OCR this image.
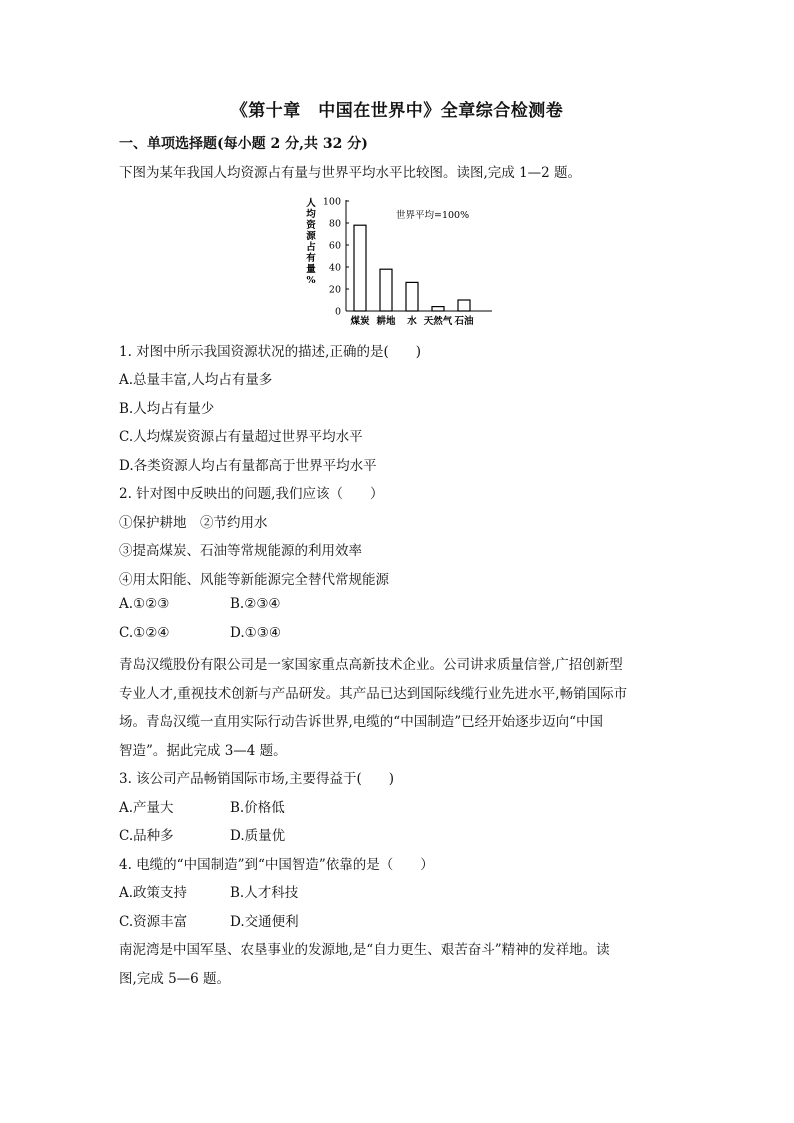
《第十章　中国在世界中》全章综合检测卷
一、单项选择题(每小题 2 分,共 32 分)
下图为某年我国人均资源占有量与世界平均水平比较图。读图,完成 1—2 题。
人
均
资
源
占
有
量
%
世界平均=100%
0
20
40
60
80
100
煤炭 耕地 水 天然气 石油
1. 对图中所示我国资源状况的描述,正确的是(　　)
A.总量丰富,人均占有量多
B.人均占有量少
C.人均煤炭资源占有量超过世界平均水平
D.各类资源人均占有量都高于世界平均水平
2. 针对图中反映出的问题,我们应该（　　）
①保护耕地　②节约用水
③提高煤炭、石油等常规能源的利用效率
④用太阳能、风能等新能源完全替代常规能源
A.①②③	B.②③④
C.①②④	D.①③④
青岛汉缆股份有限公司是一家国家重点高新技术企业。公司讲求质量信誉,广招创新型
专业人才,重视技术创新与产品研发。其产品已达到国际线缆行业先进水平,畅销国际市
场。青岛汉缆一直用实际行动告诉世界,电缆的“中国制造”已经开始逐步迈向“中国
智造”。据此完成 3—4 题。
3. 该公司产品畅销国际市场,主要得益于(　　)
A.产量大	B.价格低
C.品种多	D.质量优
4. 电缆的“中国制造”到“中国智造”依靠的是（　　）
A.政策支持	B.人才科技
C.资源丰富	D.交通便利
南泥湾是中国军垦、农垦事业的发源地,是“自力更生、艰苦奋斗”精神的发祥地。读
图,完成 5—6 题。
